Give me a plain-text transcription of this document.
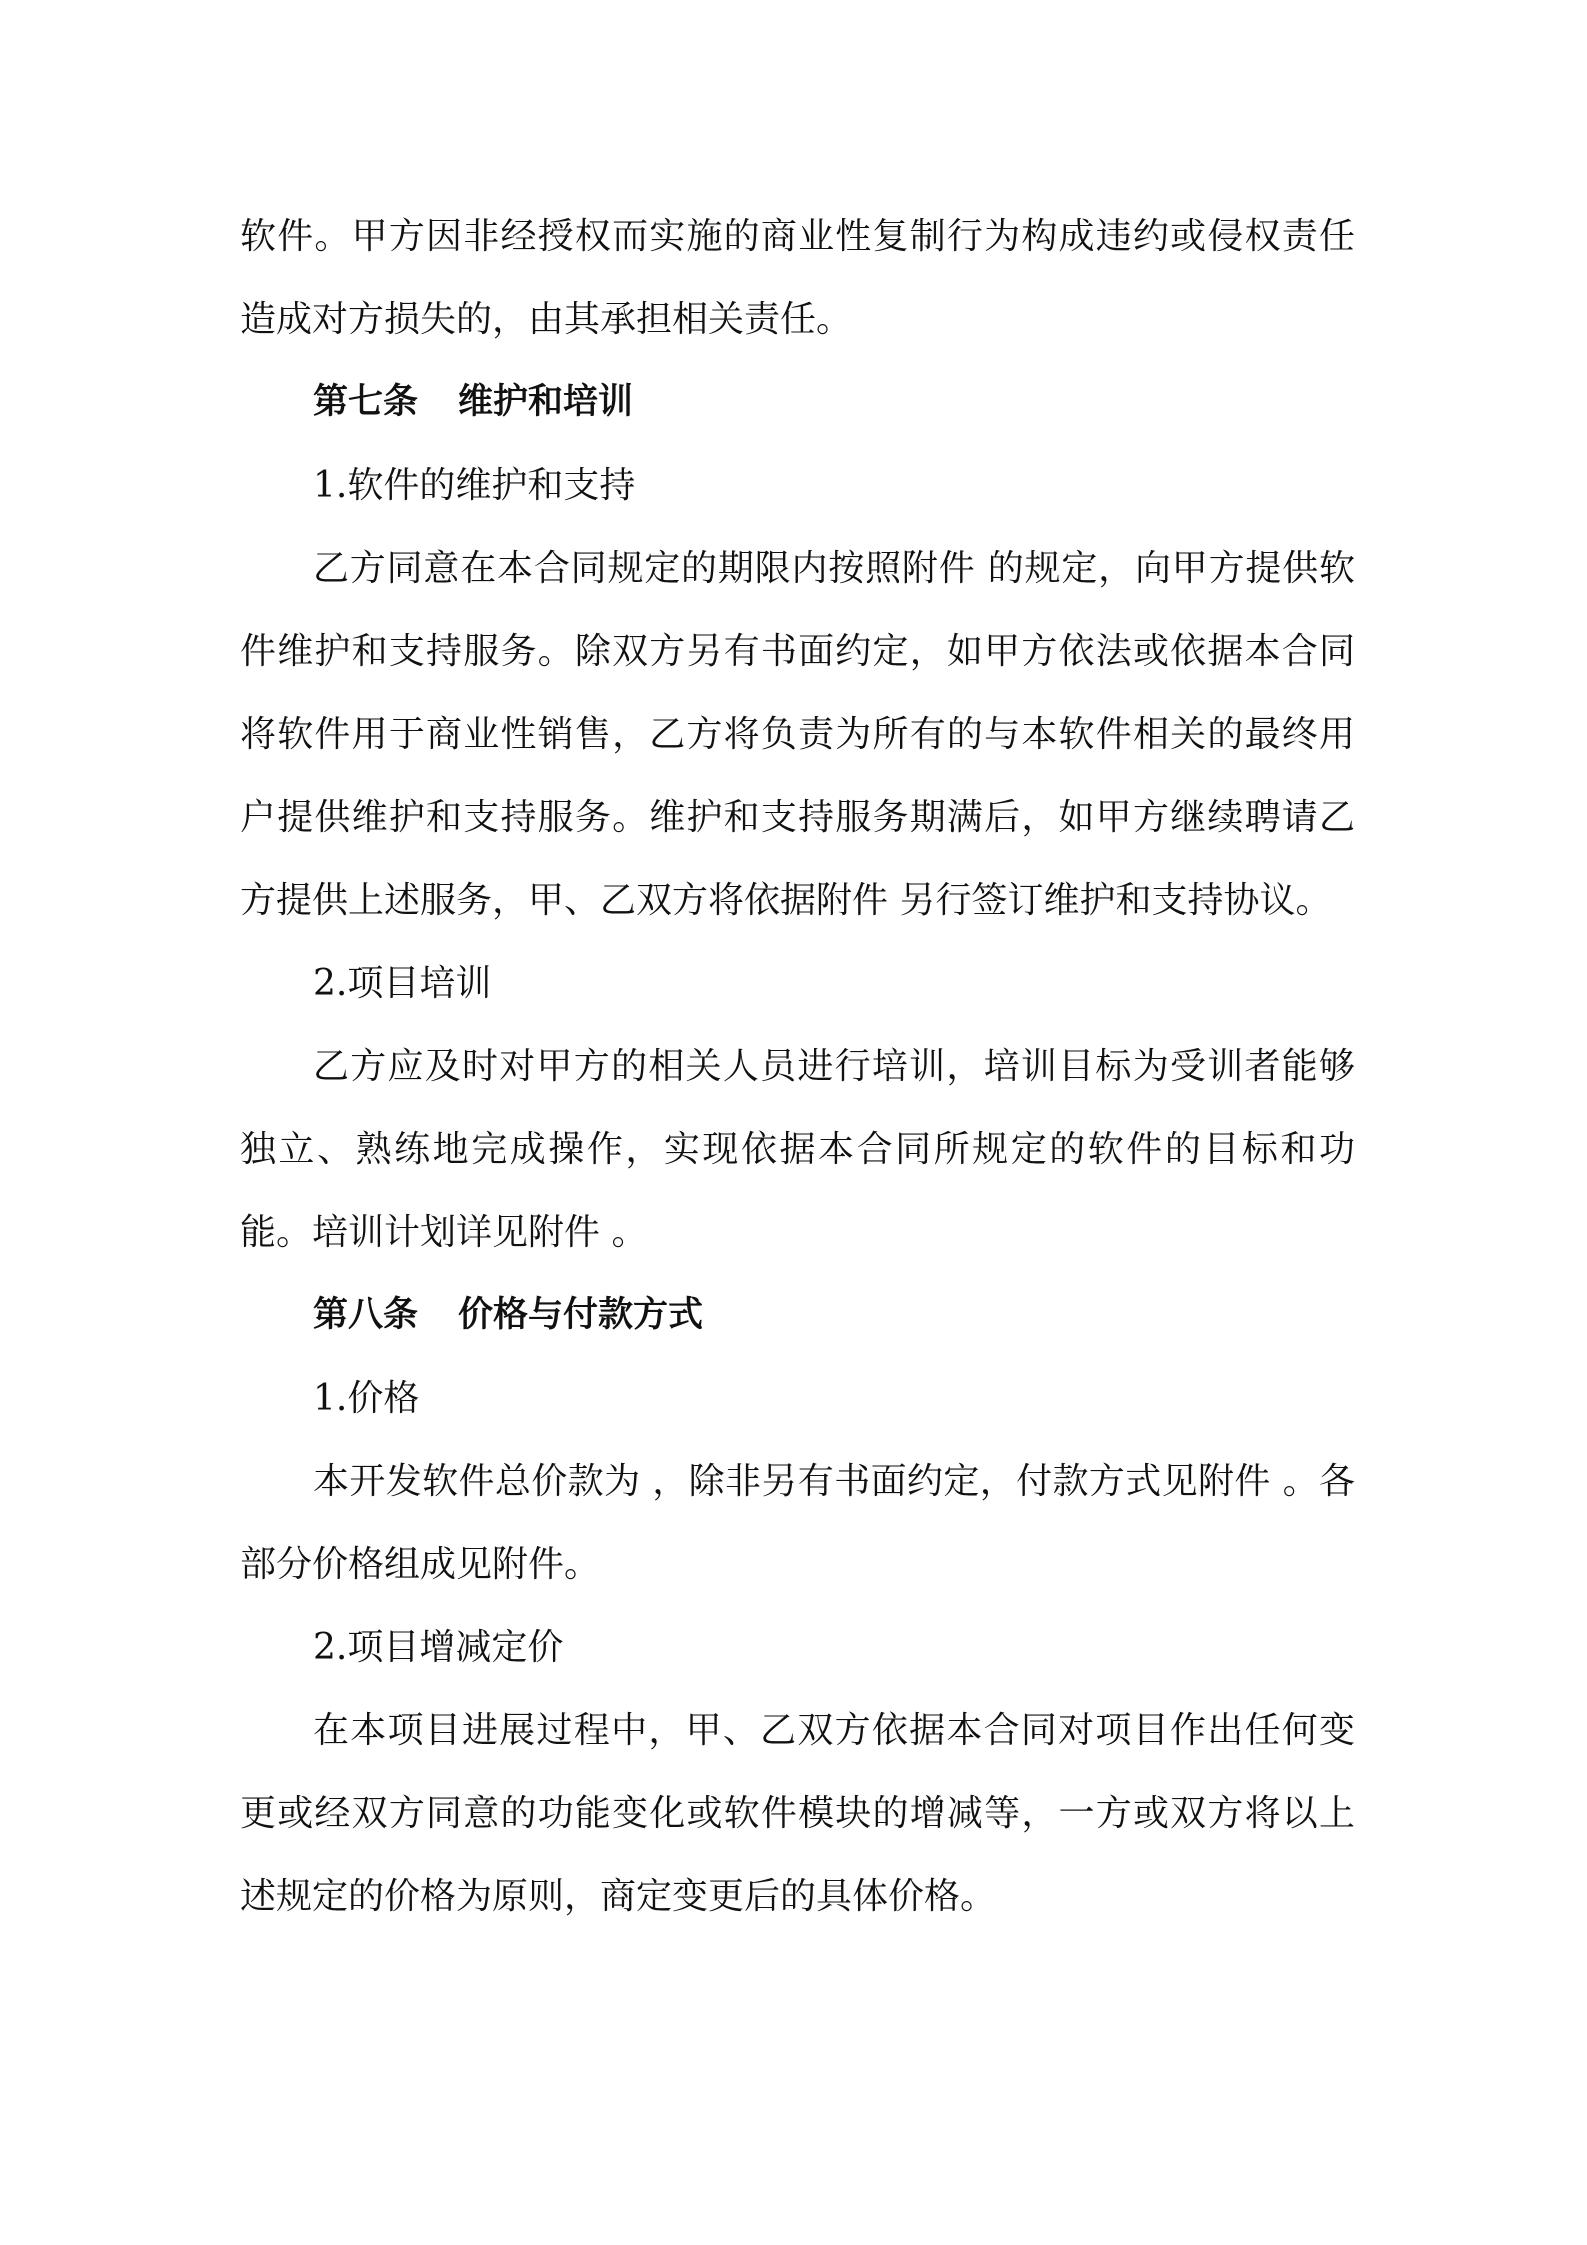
软件。甲方因非经授权而实施的商业性复制行为构成违约或侵权责任造成对方损失的，由其承担相关责任。

第七条 维护和培训

1.软件的维护和支持

乙方同意在本合同规定的期限内按照附件 的规定，向甲方提供软件维护和支持服务。除双方另有书面约定，如甲方依法或依据本合同将软件用于商业性销售，乙方将负责为所有的与本软件相关的最终用户提供维护和支持服务。维护和支持服务期满后，如甲方继续聘请乙方提供上述服务，甲、乙双方将依据附件 另行签订维护和支持协议。

2.项目培训

乙方应及时对甲方的相关人员进行培训，培训目标为受训者能够独立、熟练地完成操作，实现依据本合同所规定的软件的目标和功能。培训计划详见附件 。

第八条 价格与付款方式

1.价格

本开发软件总价款为 ，除非另有书面约定，付款方式见附件 。各部分价格组成见附件。

2.项目增减定价

在本项目进展过程中，甲、乙双方依据本合同对项目作出任何变更或经双方同意的功能变化或软件模块的增减等，一方或双方将以上述规定的价格为原则，商定变更后的具体价格。
